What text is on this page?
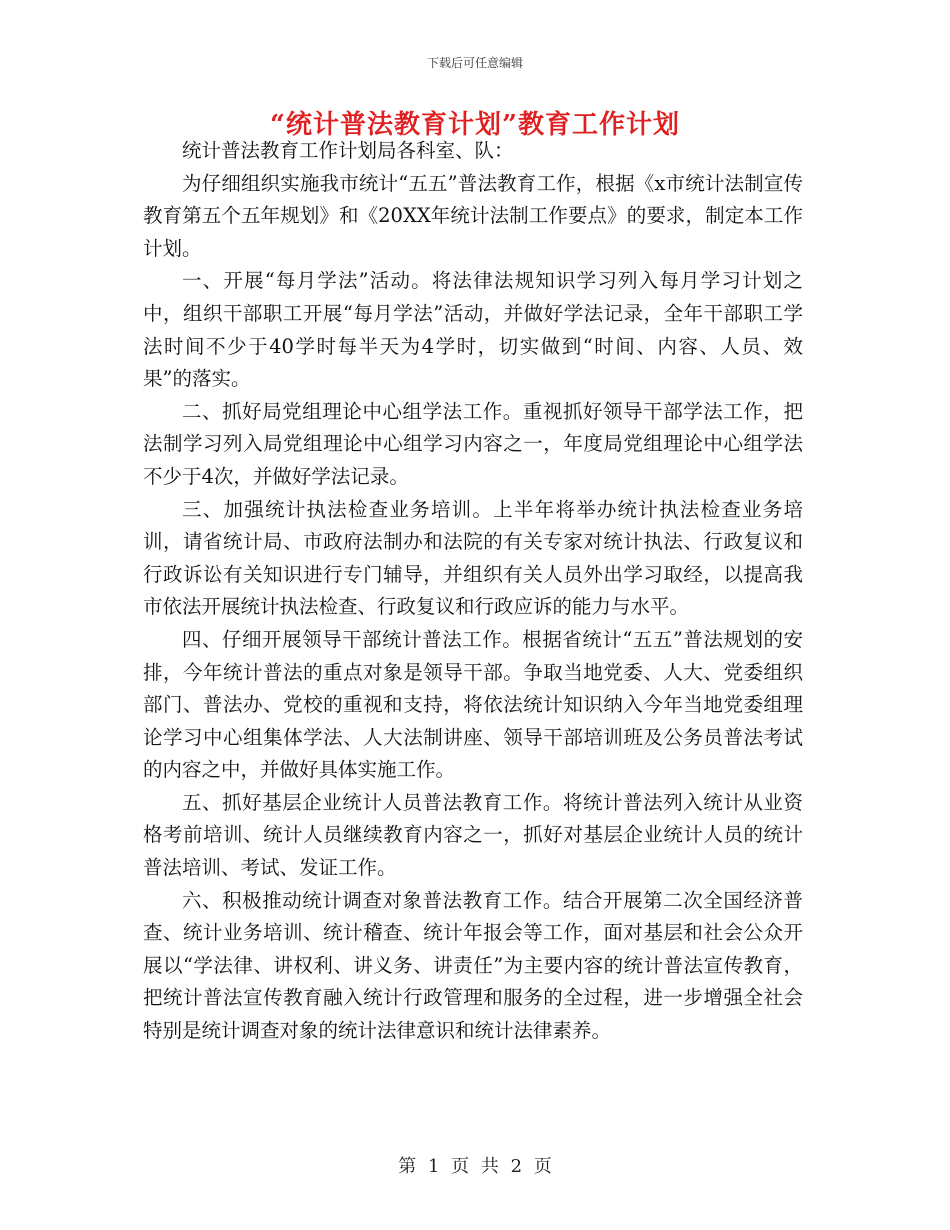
下载后可任意编辑
“统计普法教育计划”教育工作计划

统计普法教育工作计划局各科室、队：

为仔细组织实施我市统计“五五”普法教育工作，根据《x市统计法制宣传教育第五个五年规划》和《20XX年统计法制工作要点》的要求，制定本工作计划。

一、开展“每月学法”活动。将法律法规知识学习列入每月学习计划之中，组织干部职工开展“每月学法”活动，并做好学法记录，全年干部职工学法时间不少于40学时每半天为4学时，切实做到“时间、内容、人员、效果”的落实。

二、抓好局党组理论中心组学法工作。重视抓好领导干部学法工作，把法制学习列入局党组理论中心组学习内容之一，年度局党组理论中心组学法不少于4次，并做好学法记录。

三、加强统计执法检查业务培训。上半年将举办统计执法检查业务培训，请省统计局、市政府法制办和法院的有关专家对统计执法、行政复议和行政诉讼有关知识进行专门辅导，并组织有关人员外出学习取经，以提高我市依法开展统计执法检查、行政复议和行政应诉的能力与水平。

四、仔细开展领导干部统计普法工作。根据省统计“五五”普法规划的安排，今年统计普法的重点对象是领导干部。争取当地党委、人大、党委组织部门、普法办、党校的重视和支持，将依法统计知识纳入今年当地党委组理论学习中心组集体学法、人大法制讲座、领导干部培训班及公务员普法考试的内容之中，并做好具体实施工作。

五、抓好基层企业统计人员普法教育工作。将统计普法列入统计从业资格考前培训、统计人员继续教育内容之一，抓好对基层企业统计人员的统计普法培训、考试、发证工作。

六、积极推动统计调查对象普法教育工作。结合开展第二次全国经济普查、统计业务培训、统计稽查、统计年报会等工作，面对基层和社会公众开展以“学法律、讲权利、讲义务、讲责任”为主要内容的统计普法宣传教育，把统计普法宣传教育融入统计行政管理和服务的全过程，进一步增强全社会特别是统计调查对象的统计法律意识和统计法律素养。

第 1 页 共 2 页
